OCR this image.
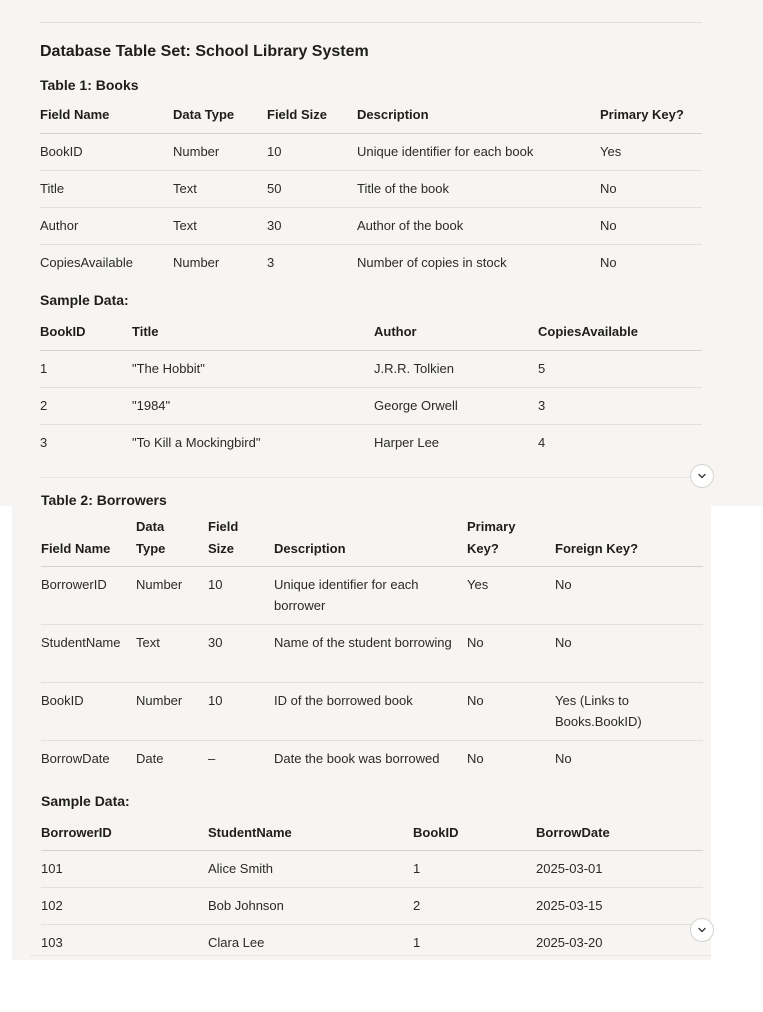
Database Table Set: School Library System
Table 1: Books
Field Name	Data Type	Field Size	Description	Primary Key?
BookID	Number	10	Unique identifier for each book	Yes
Title	Text	50	Title of the book	No
Author	Text	30	Author of the book	No
CopiesAvailable	Number	3	Number of copies in stock	No
Sample Data:
BookID	Title	Author	CopiesAvailable
1	"The Hobbit"	J.R.R. Tolkien	5
2	"1984"	George Orwell	3
3	"To Kill a Mockingbird"	Harper Lee	4
Table 2: Borrowers
Field Name	Data Type	Field Size	Description	Primary Key?	Foreign Key?
BorrowerID	Number	10	Unique identifier for each borrower	Yes	No
StudentName	Text	30	Name of the student borrowing	No	No
BookID	Number	10	ID of the borrowed book	No	Yes (Links to Books.BookID)
BorrowDate	Date	–	Date the book was borrowed	No	No
Sample Data:
BorrowerID	StudentName	BookID	BorrowDate
101	Alice Smith	1	2025-03-01
102	Bob Johnson	2	2025-03-15
103	Clara Lee	1	2025-03-20
